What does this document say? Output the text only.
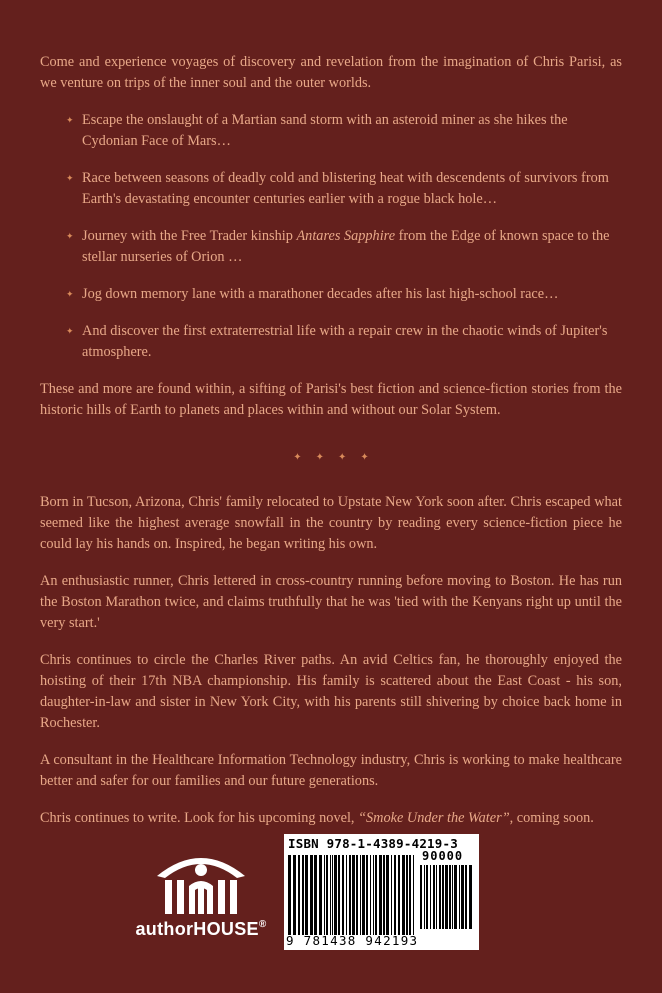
Come and experience voyages of discovery and revelation from the imagination of Chris Parisi, as we venture on trips of the inner soul and the outer worlds.

✦ Escape the onslaught of a Martian sand storm with an asteroid miner as she hikes the Cydonian Face of Mars…
✦ Race between seasons of deadly cold and blistering heat with descendents of survivors from Earth's devastating encounter centuries earlier with a rogue black hole…
✦ Journey with the Free Trader kinship Antares Sapphire from the Edge of known space to the stellar nurseries of Orion …
✦ Jog down memory lane with a marathoner decades after his last high-school race…
✦ And discover the first extraterrestrial life with a repair crew in the chaotic winds of Jupiter's atmosphere.

These and more are found within, a sifting of Parisi's best fiction and science-fiction stories from the historic hills of Earth to planets and places within and without our Solar System.

✦✦✦✦

Born in Tucson, Arizona, Chris' family relocated to Upstate New York soon after. Chris escaped what seemed like the highest average snowfall in the country by reading every science-fiction piece he could lay his hands on. Inspired, he began writing his own.

An enthusiastic runner, Chris lettered in cross-country running before moving to Boston. He has run the Boston Marathon twice, and claims truthfully that he was 'tied with the Kenyans right up until the very start.'

Chris continues to circle the Charles River paths. An avid Celtics fan, he thoroughly enjoyed the hoisting of their 17th NBA championship. His family is scattered about the East Coast - his son, daughter-in-law and sister in New York City, with his parents still shivering by choice back home in Rochester.

A consultant in the Healthcare Information Technology industry, Chris is working to make healthcare better and safer for our families and our future generations.

Chris continues to write. Look for his upcoming novel, “Smoke Under the Water”, coming soon.

authorHOUSE®
ISBN 978-1-4389-4219-3
90000
9 781438 942193
